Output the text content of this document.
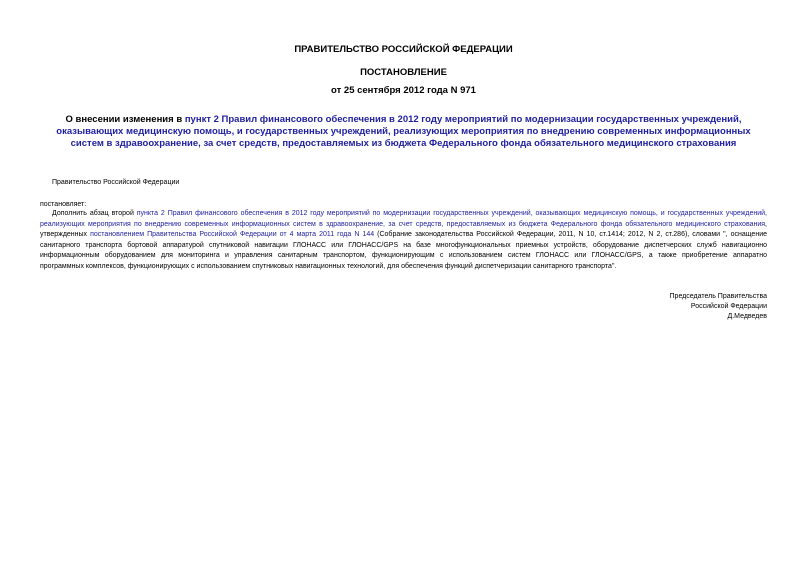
ПРАВИТЕЛЬСТВО РОССИЙСКОЙ ФЕДЕРАЦИИ
ПОСТАНОВЛЕНИЕ
от 25 сентября 2012 года N 971
О внесении изменения в пункт 2 Правил финансового обеспечения в 2012 году мероприятий по модернизации государственных учреждений, оказывающих медицинскую помощь, и государственных учреждений, реализующих мероприятия по внедрению современных информационных систем в здравоохранение, за счет средств, предоставляемых из бюджета Федерального фонда обязательного медицинского страхования
Правительство Российской Федерации
постановляет:
Дополнить абзац второй пункта 2 Правил финансового обеспечения в 2012 году мероприятий по модернизации государственных учреждений, оказывающих медицинскую помощь, и государственных учреждений,
реализующих мероприятия по внедрению современных информационных систем в здравоохранение, за счет средств, предоставляемых из бюджета Федерального фонда обязательного медицинского страхования,
утвержденных постановлением Правительства Российской Федерации от 4 марта 2011 года N 144 (Собрание законодательства Российской Федерации, 2011, N 10, ст.1414; 2012, N 2, ст.286), словами ", оснащение
санитарного транспорта бортовой аппаратурой спутниковой навигации ГЛОНАСС или ГЛОНАСС/GPS на базе многофункциональных приемных устройств, оборудование диспетчерских служб навигационно
информационным оборудованием для мониторинга и управления санитарным транспортом, функционирующим с использованием систем ГЛОНАСС или ГЛОНАСС/GPS, а также приобретение аппаратно
программных комплексов, функционирующих с использованием спутниковых навигационных технологий, для обеспечения функций диспетчеризации санитарного транспорта".
Председатель Правительства
Российской Федерации
Д.Медведев
